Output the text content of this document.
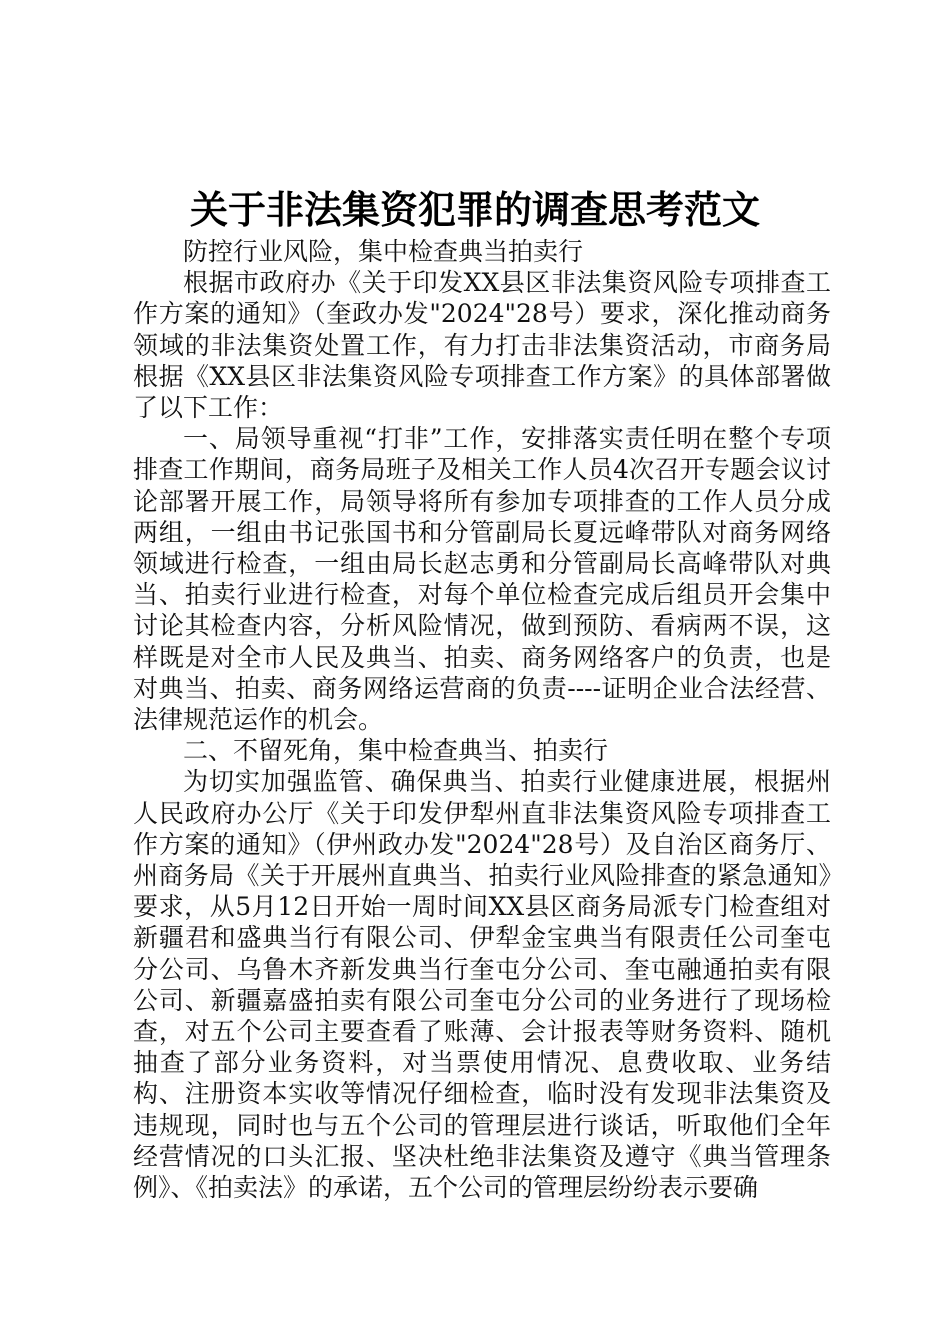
关于非法集资犯罪的调查思考范文

防控行业风险，集中检查典当拍卖行

根据市政府办《关于印发XX县区非法集资风险专项排查工作方案的通知》（奎政办发"2024"28号）要求，深化推动商务领域的非法集资处置工作，有力打击非法集资活动，市商务局根据《XX县区非法集资风险专项排查工作方案》的具体部署做了以下工作：

一、局领导重视“打非”工作，安排落实责任明在整个专项排查工作期间，商务局班子及相关工作人员4次召开专题会议讨论部署开展工作，局领导将所有参加专项排查的工作人员分成两组，一组由书记张国书和分管副局长夏远峰带队对商务网络领域进行检查，一组由局长赵志勇和分管副局长高峰带队对典当、拍卖行业进行检查，对每个单位检查完成后组员开会集中讨论其检查内容，分析风险情况，做到预防、看病两不误，这样既是对全市人民及典当、拍卖、商务网络客户的负责，也是对典当、拍卖、商务网络运营商的负责----证明企业合法经营、法律规范运作的机会。

二、不留死角，集中检查典当、拍卖行

为切实加强监管、确保典当、拍卖行业健康进展，根据州人民政府办公厅《关于印发伊犁州直非法集资风险专项排查工作方案的通知》（伊州政办发"2024"28号）及自治区商务厅、州商务局《关于开展州直典当、拍卖行业风险排查的紧急通知》要求，从5月12日开始一周时间XX县区商务局派专门检查组对新疆君和盛典当行有限公司、伊犁金宝典当有限责任公司奎屯分公司、乌鲁木齐新发典当行奎屯分公司、奎屯融通拍卖有限公司、新疆嘉盛拍卖有限公司奎屯分公司的业务进行了现场检查，对五个公司主要查看了账薄、会计报表等财务资料、随机抽查了部分业务资料，对当票使用情况、息费收取、业务结构、注册资本实收等情况仔细检查，临时没有发现非法集资及违规现，同时也与五个公司的管理层进行谈话，听取他们全年经营情况的口头汇报、坚决杜绝非法集资及遵守《典当管理条例》、《拍卖法》的承诺，五个公司的管理层纷纷表示要确
